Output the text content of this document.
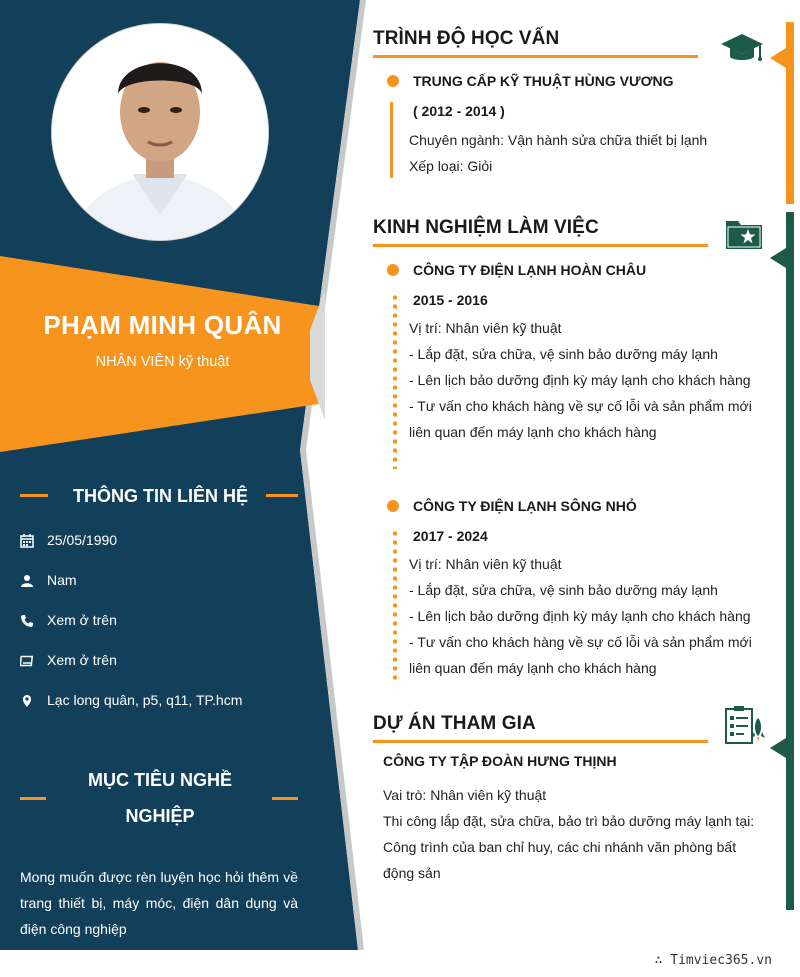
PHẠM MINH QUÂN
NHÂN VIÊN kỹ thuật
THÔNG TIN LIÊN HỆ
25/05/1990
Nam
Xem ở trên
Xem ở trên
Lạc long quân, p5, q11, TP.hcm
MỤC TIÊU NGHỀ
NGHIỆP
Mong muốn được rèn luyện học hỏi thêm về trang thiết bị, máy móc, điện dân dụng và điện công nghiệp
TRÌNH ĐỘ HỌC VẤN
TRUNG CẤP KỸ THUẬT HÙNG VƯƠNG
( 2012 - 2014 )
Chuyên ngành: Vận hành sửa chữa thiết bị lạnh
Xếp loại: Giỏi
KINH NGHIỆM LÀM VIỆC
CÔNG TY ĐIỆN LẠNH HOÀN CHÂU
2015 - 2016
Vị trí: Nhân viên kỹ thuật
- Lắp đặt, sửa chữa, vệ sinh bảo dưỡng máy lạnh
- Lên lịch bảo dưỡng định kỳ máy lạnh cho khách hàng
- Tư vấn cho khách hàng về sự cố lỗi và sản phẩm mới
liên quan đến máy lạnh cho khách hàng
CÔNG TY ĐIỆN LẠNH SÔNG NHỎ
2017 - 2024
Vị trí: Nhân viên kỹ thuật
- Lắp đặt, sửa chữa, vệ sinh bảo dưỡng máy lạnh
- Lên lịch bảo dưỡng định kỳ máy lạnh cho khách hàng
- Tư vấn cho khách hàng về sự cố lỗi và sản phẩm mới
liên quan đến máy lạnh cho khách hàng
DỰ ÁN THAM GIA
CÔNG TY TẬP ĐOÀN HƯNG THỊNH
Vai trò: Nhân viên kỹ thuật
Thi công lắp đặt, sửa chữa, bảo trì bảo dưỡng máy lạnh tại:
Công trình của ban chỉ huy, các chi nhánh văn phòng bất
động sản
∴ Timviec365.vn
